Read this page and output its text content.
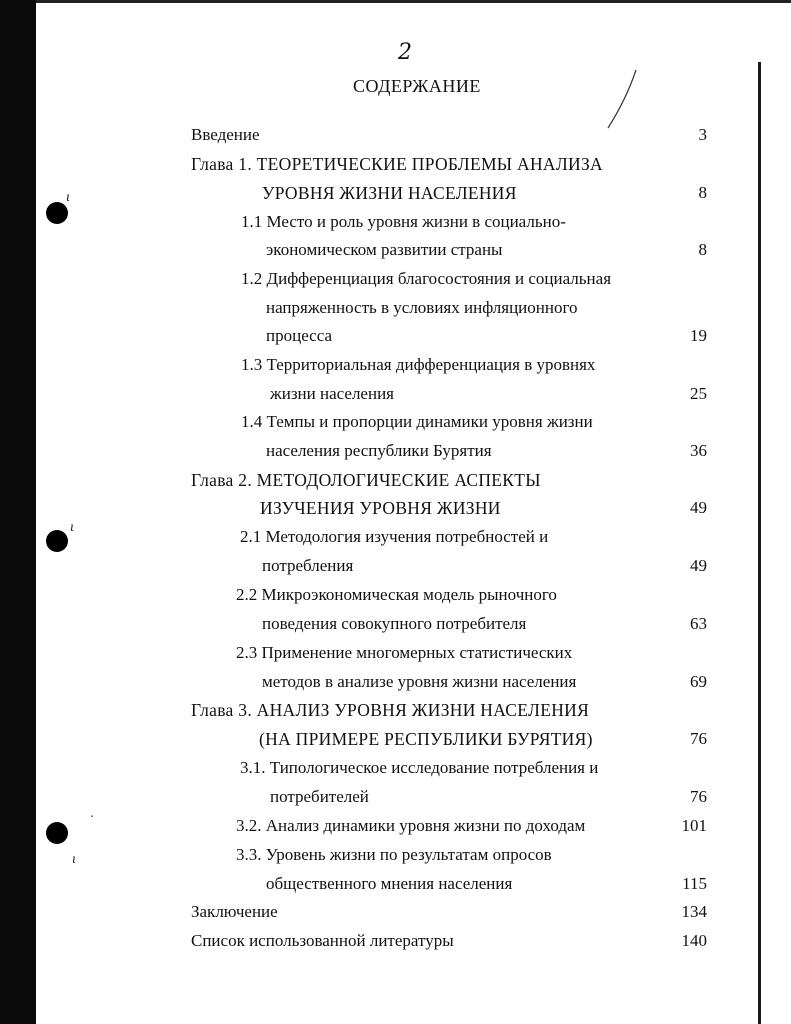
ι
ɩ
·
ι
2
СОДЕРЖАНИЕ
Введение	3
Глава 1. ТЕОРЕТИЧЕСКИЕ ПРОБЛЕМЫ АНАЛИЗА
УРОВНЯ ЖИЗНИ НАСЕЛЕНИЯ	8
1.1 Место и роль уровня жизни в социально-
экономическом развитии страны	8
1.2 Дифференциация благосостояния и социальная
напряженность в условиях инфляционного
процесса	19
1.3 Территориальная дифференциация в уровнях
жизни населения	25
1.4 Темпы и пропорции динамики уровня жизни
населения республики Бурятия	36
Глава 2. МЕТОДОЛОГИЧЕСКИЕ АСПЕКТЫ
ИЗУЧЕНИЯ УРОВНЯ ЖИЗНИ	49
2.1 Методология изучения потребностей и
потребления	49
2.2 Микроэкономическая модель рыночного
поведения совокупного потребителя	63
2.3 Применение многомерных статистических
методов в анализе уровня жизни населения	69
Глава 3. АНАЛИЗ УРОВНЯ ЖИЗНИ НАСЕЛЕНИЯ
(НА ПРИМЕРЕ РЕСПУБЛИКИ БУРЯТИЯ)	76
3.1. Типологическое исследование потребления и
потребителей	76
3.2. Анализ динамики уровня жизни по доходам	101
3.3. Уровень жизни по результатам опросов
общественного мнения населения	115
Заключение	134
Список использованной литературы	140
